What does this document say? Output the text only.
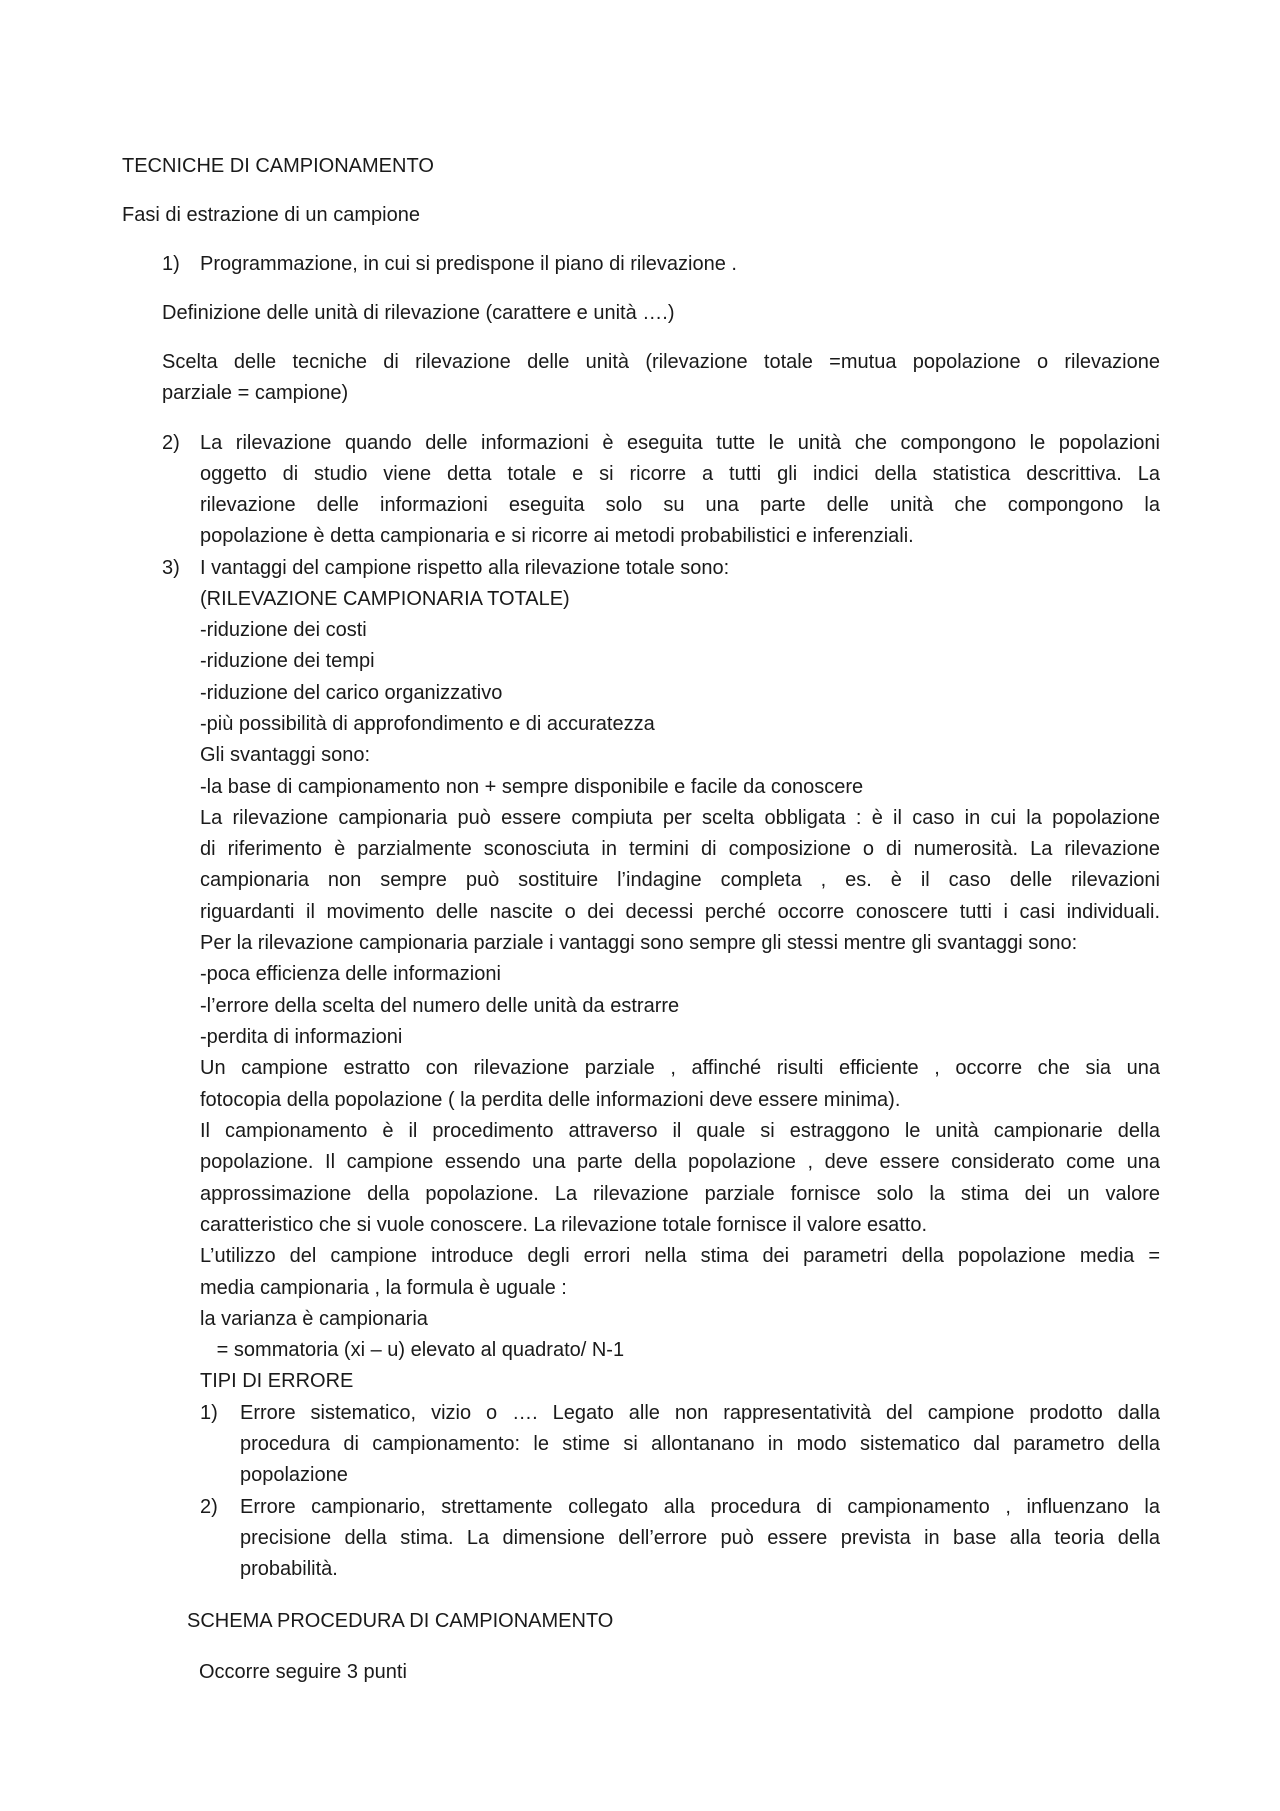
TECNICHE DI CAMPIONAMENTO
Fasi di estrazione di un campione
1) Programmazione, in cui si predispone il piano di rilevazione .
Definizione delle unità di rilevazione (carattere e unità ….)
Scelta delle tecniche di rilevazione delle unità (rilevazione totale =mutua popolazione o rilevazione
parziale = campione)
2) La rilevazione quando delle informazioni è eseguita tutte le unità che compongono le popolazioni
oggetto di studio viene detta totale e si ricorre a tutti gli indici della statistica descrittiva. La
rilevazione delle informazioni eseguita solo su una parte delle unità che compongono la
popolazione è detta campionaria e si ricorre ai metodi probabilistici e inferenziali.
3) I vantaggi del campione rispetto alla rilevazione totale sono:
(RILEVAZIONE CAMPIONARIA TOTALE)
-riduzione dei costi
-riduzione dei tempi
-riduzione del carico organizzativo
-più possibilità di approfondimento e di accuratezza
Gli svantaggi sono:
-la base di campionamento non + sempre disponibile e facile da conoscere
La rilevazione campionaria può essere compiuta per scelta obbligata : è il caso in cui la popolazione
di riferimento è parzialmente sconosciuta in termini di composizione o di numerosità. La rilevazione
campionaria non sempre può sostituire l’indagine completa , es. è il caso delle rilevazioni
riguardanti il movimento delle nascite o dei decessi perché occorre conoscere tutti i casi individuali.
Per la rilevazione campionaria parziale i vantaggi sono sempre gli stessi mentre gli svantaggi sono:
-poca efficienza delle informazioni
-l’errore della scelta del numero delle unità da estrarre
-perdita di informazioni
Un campione estratto con rilevazione parziale , affinché risulti efficiente , occorre che sia una
fotocopia della popolazione ( la perdita delle informazioni deve essere minima).
Il campionamento è il procedimento attraverso il quale si estraggono le unità campionarie della
popolazione. Il campione essendo una parte della popolazione , deve essere considerato come una
approssimazione della popolazione. La rilevazione parziale fornisce solo la stima dei un valore
caratteristico che si vuole conoscere. La rilevazione totale fornisce il valore esatto.
L’utilizzo del campione introduce degli errori nella stima dei parametri della popolazione media =
media campionaria , la formula è uguale :
la varianza è campionaria
= sommatoria (xi – u) elevato al quadrato/ N-1
TIPI DI ERRORE
1) Errore sistematico, vizio o …. Legato alle non rappresentatività del campione prodotto dalla
procedura di campionamento: le stime si allontanano in modo sistematico dal parametro della
popolazione
2) Errore campionario, strettamente collegato alla procedura di campionamento , influenzano la
precisione della stima. La dimensione dell’errore può essere prevista in base alla teoria della
probabilità.
SCHEMA PROCEDURA DI CAMPIONAMENTO
Occorre seguire 3 punti
